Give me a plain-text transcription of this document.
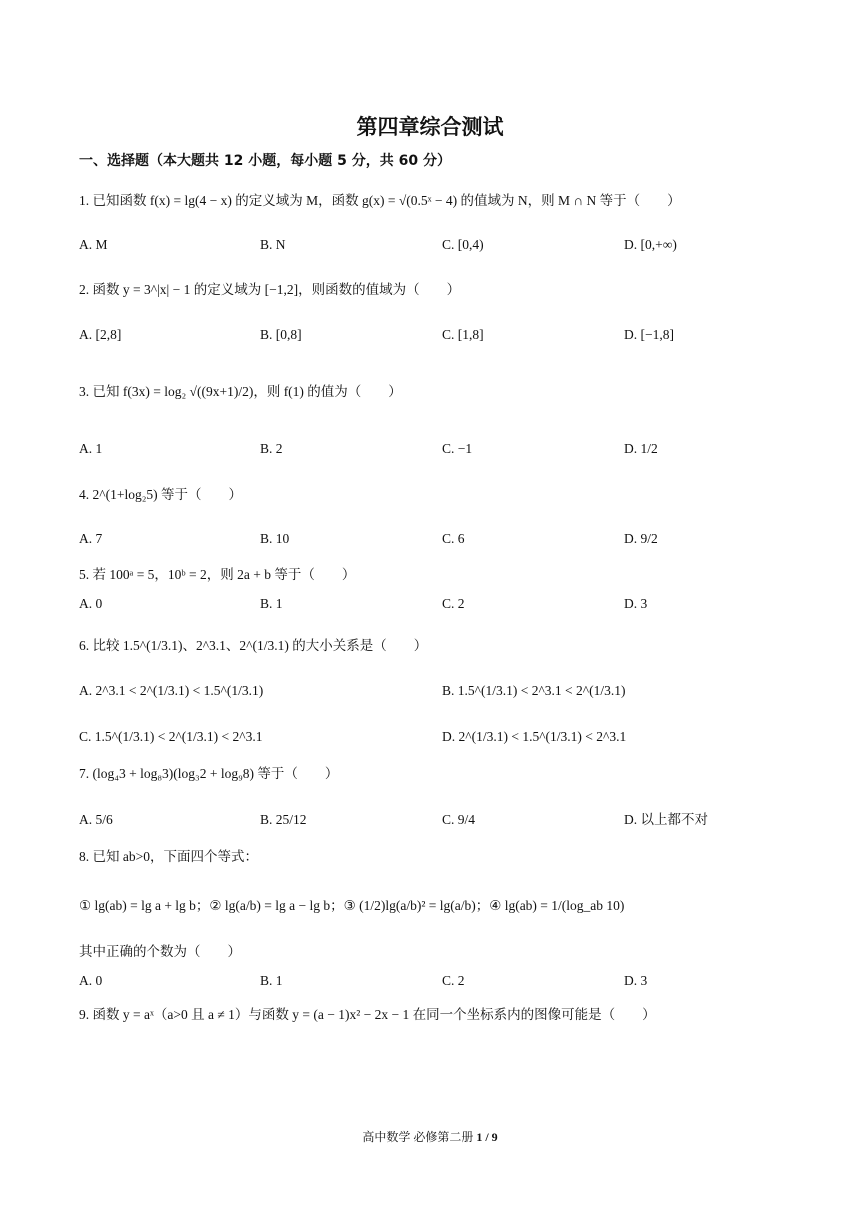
第四章综合测试
一、选择题（本大题共 12 小题，每小题 5 分，共 60 分）
1. 已知函数 f(x) = lg(4 − x) 的定义域为 M，函数 g(x) = √(0.5ˣ − 4) 的值域为 N，则 M ∩ N 等于（　　）
A. M	B. N	C. [0,4)	D. [0,+∞)
2. 函数 y = 3^|x| − 1 的定义域为 [−1,2]，则函数的值域为（　　）
A. [2,8]	B. [0,8]	C. [1,8]	D. [−1,8]
3. 已知 f(3x) = log₂ √((9x+1)/2)，则 f(1) 的值为（　　）
A. 1	B. 2	C. −1	D. 1/2
4. 2^(1+log₂5) 等于（　　）
A. 7	B. 10	C. 6	D. 9/2
5. 若 100ᵃ = 5，10ᵇ = 2，则 2a + b 等于（　　）
A. 0	B. 1	C. 2	D. 3
6. 比较 1.5^(1/3.1)、2^3.1、2^(1/3.1) 的大小关系是（　　）
A. 2^3.1 < 2^(1/3.1) < 1.5^(1/3.1)	B. 1.5^(1/3.1) < 2^3.1 < 2^(1/3.1)
C. 1.5^(1/3.1) < 2^(1/3.1) < 2^3.1	D. 2^(1/3.1) < 1.5^(1/3.1) < 2^3.1
7. (log₄3 + log₈3)(log₃2 + log₉8) 等于（　　）
A. 5/6	B. 25/12	C. 9/4	D. 以上都不对
8. 已知 ab>0，下面四个等式：
① lg(ab) = lg a + lg b；② lg(a/b) = lg a − lg b；③ (1/2)lg(a/b)² = lg(a/b)；④ lg(ab) = 1/(log_ab 10)
其中正确的个数为（　　）
A. 0	B. 1	C. 2	D. 3
9. 函数 y = aˣ（a>0 且 a ≠ 1）与函数 y = (a − 1)x² − 2x − 1 在同一个坐标系内的图像可能是（　　）
高中数学 必修第二册 1 / 9
